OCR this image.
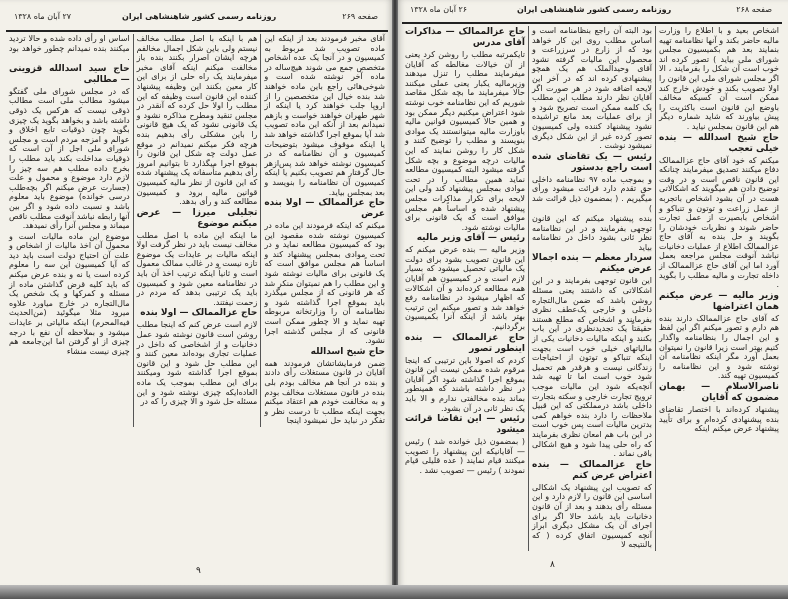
صفحه ۲۶۹
روزنامه رسمی کشور شاهنشاهی ایران
۲۷ آبان ماه ۱۳۲۸

آقای مخبر فرمودند بعد از اینکه این ماده تصویب شد مربوط به کمیسیون و در آنجا یک عده اشخاص متخصص جمع می شوند هیچ‌ساله در ماده آخر نوشته شده است و شوخی‌هائی راجع باین ماده خواهند شد بنده خیال این متخصصین را از اروپا جلب خواهند کرد یا اینکه از شهر طهران خواهند خواست و بازهم نمیدانم بعد از آنکه این ماده تصویب شد آیا بموقع اجرا گذاشته خواهد شد یا اینکه موقوف میشود بتوضیحات کمیسیون و آن نظامنامه که در کمیسیون نوشته خواهد شد پس‌ازهر حال گرفتار هم تصویب بکنیم یا اینکه کمیسیون آن نظامنامه را بنویسد و بعد بمجلس بیاید.

حاج عزالممالک — اولا بنده عرض

میکنم که اینکه فرمودند این ماده در کمیسیون نوشته شده مقصود این بود که کمیسیون مطالعه نماید و در تحت موادی بمجلس پیشنهاد کند و اساساً هم مجلس موافق است که یک قانونی برای مالیات نوشته شود و این مطلب را هم نمیتوان منکر شد که هر قانونی که از مجلس میگذرد باید بموقع اجرا گذاشته شود و نظامنامه آن را وزارتخانه مربوطه تهیه نماید و الا چطور ممکن است قانونی که از مجلس گذشته اجرا نشود.

حاج شیخ اسدالله

ضمن فرمایشاتشان فرمودند همه آقایان در قانون مستغلات رأی دادند و بنده در آنجا هم مخالف بودم بلی بنده در قانون مستغلات مخالف بودم و به مخالفت خودم هم اعتقاد میکنم بجهت اینکه مطلب تا درست نظر و تفکر در نباید حل نمیشود اینجا

هم با اینکه با اصل مطلب مخالف نیستم ولی باین شکل اجمال مخالفم هرچه ایشان اصرار بکنند بنده باز مخالفت میکنم اینکه آقای مخبر میفرمایند یک راه حلی از برای این کار معین بکنند این وظیفه پیشنهاد کننده این قانون است وظیفه که این مطلب را اولا حل کرده که آنقدر در مجلس تنقید ومطرح مذاکره نشود و یک قانونی نشود که یک هیچ قانونی را باین مشکلی رأی بدهیم بنده هرچه فکر میکنم نمیدانم در موقع عمل دولت چه شکل این قانون را بموقع اجرا میگذارد تا بتوانیم امروز رأی بدهیم متأسفانه یک پیشنهاد شده که این قانون از نظر مالیه کمیسیون قوانین مالیه برود و کمیسیون مطالعه کند و رأی بدهد.

تجلیلی میرزا — عرض میکنم موضوع

ما اینکه این ماده با اصل مطلب مخالف نیست باید در نظر گرفت اولا اینکه مالیات بر عایدات یک موضوع تازه نیست و در غالب ممالک معمول است و ثانیاً اینکه ترتیب اخذ آن باید در نظامنامه معین شود و کمیسیون باید یک ترتیبی بدهد که مردم در زحمت نیفتند.

حاج عزالممالک — اولا بنده

لازم است عرض کنم که اینجا مطلب روشن است قانون نوشته شود عمل دخانیات و از اشخاصی که داخل در عملیات تجاری بوده‌اند معین کنند و این مطلب حل شود و این قانون بموقع اجرا گذاشته شود ومیکنند برای این مطلب بموجب یک ماده العاده‌ایکه چیزی نوشته شود و این مسئله حل شود و الا چیزی را که در

اساس او رأی داده شده و حالا تردید میکنند بنده نمیدانم چطور خواهد بود .

حاج سید اسدالله قزوینی — مطالبی

که در مجلس شورای ملی گفتگو میشود مطالب ملی است مطالب ذوقی نیست که هرکس یک ذوقی داشته باشد و بخواهد بگوید یک چیزی بگوید چون ذوقیات تابع اخلاق و عوالم و امزجه مردم است و مجلس شورای ملی اجل از آن است که ذوقیات مداخلت بکند باید مطلب را بخرج داده مطلب هم سه چیز را لازم دارد موضوع و محمول و علت (جسارت عرض میکنم اگر بچه‌طلب درسی خوانده) موضوع باید معلوم باشد و نسبت داده شود و اگر بین آنها رابطه نباشد آنوقت مطلب ناقص میماند و مجلس آنرا رأی نمیدهد.

موضوع این ماده مالیات است و محمول آن اخذ مالیات از اشخاص و علت آن احتیاج دولت است باید دید که آیا کمیسیون این سه را معلوم کرده است یا نه و بنده عرض میکنم که باید کلیه قرض گذاشتن ماده از مسئله و کمرکها و یک شخص یک مال‌التجاره در خارج میاورد علاوه میرود مثلا میگوئید (من‌الحدیث فیه‌المحرم) اینکه مالیاتی بر عایدات میشود و بملاحظه آن نفع با درجه چیزی از او گرفتن اما این‌جامعه هم چیزی نیست منشاء

۹
صفحه ۲۶۸
روزنامه رسمی کشور شاهنشاهی ایران
۲۶ آبان ماه ۱۳۲۸

اشخاص بعید و با اطلاع را وزارت مالیه حاضر بکند و آنها نظامنامه تهیه بنمایند بعد هم بکمیسیون مجلس شورای ملی بیاید ) تصور کرده اند خوب است آن شکل را بفرمایند ، الا اگر مجلس شورای ملی این قانون را اولا تصویب بکند و خودش خارج کند ممکن است آن کسیکه مخالف باوضع این قانون است باکثریت را پیش بیاورند که شاید شماره دیگر هم این قانون بمجلس نیاید .

حاج شیخ اسدالله — بنده خیلی تعجب

میکنم که خود آقای حاج عزالممالک دفاع میکنند تصدیق میفرمایند چنانکه این قانون ناقص است و در وقت توضیح دادن هم میگویند که اشکالاتی هست در آن بشود اشخاص باتجربه از عمل زراعت و توتون و تنباکو و اشخاص بابصیرت از عمل تجارت حاضر شوند و نظریات خودشان را بگویند و حل بنده به آقای حاج عزالممالک اطلاع از عملیات دخانیات نباشد آنوقت مجلس مراجعه بعمل آورد اما این آقای حاج عزالممالک از داخله تجارت و مالیه مطلب را بگوید .

وزیر مالیه — عرض میکنم همان اعتراضها

که آقای حاج عزالممالک دارند بنده هم دارم و تصور میکنم اگر این لفظ و این اجمال را بنظامنامه واگذار کنیم بهتر است زیرا قانون را نمیتوان بعمل آورد مگر اینکه نظامنامه آن نوشته شود و این نظامنامه را کمیسیون تهیه کند.

ناصرالاسلام — بهمان مضمون که آقایان

پیشنهاد کرده‌اند با اختصار تقاضای بنده پیشنهادی کرده‌ام و برای تأیید پیشنهاد عرض میکنم اینکه

بود البته آن راجع بنظامنامه است و اساس مطلب روی این کار خواهد بود که از زارع در سرزراعت و محصول این مالیات گرفته نشود آقای وحیدالملک هم یک همچو پیشنهادی کرده اند که در آخر این لایحه اضافه شود در هر صورت اگر آقایان نظر دارند مطلب این مطلب یک کلمه ممکن است تصریح شود و از برای عملیات بعد مانع تراشیده نشود پیشنهاد کننده ولی کمیسیون تصور کرده غیر از این شکل دیگری نمیشود نوشت .

رئیس — یک تقاضای شده است راجع بدستور

و بموجب ماده ۹۷ نظامنامه داخلی حق تقدم دارد قرائت میشود ورأی میگیریم . ( بمضمون ذیل قرائت شد )

بنده پیشنهاد میکنم که این قانون توجهی بفرمایند و در این نظامنامه نظر ثانی بشود داخل در نظامنامه بیاید

سردار معظم — بنده اجمالا عرض میکنم

این قانون توجهی بفرمایند و در این اشکالاتی که داشتند یعنی مسئله روشن باشد که ضمن مال‌التجاره داخلی و خارجی یک‌عطف نظری بفرمایند و اشخاص که مطلع هستند حقیقتاً یک تجدیدنظری در این باب بکنند و اینکه مالیات دخانیات یکی از مالیاتهای خیلی خوب است بجهت اینکه تنباکو و توتون از احتیاجات زندگانی نیست و هرقدر هم تحمیل شود خوب است اما تا تهیه شد آنچه‌یکه شود این مالیات موجب ترویج تجارت خارجی و سکته بتجارت داخلی باشد درمملکتی که این قبیل ملاحظات را دارد بنده خواهم کمی بدترین مالیات است پس خوب است در این باب هم امعان نظری بفرمایند که راه حلی پیدا شود و هیچ اشکالی باقی نماند .

حاج عزالممالک — بنده اعتراض عرض کنم

که تصویب این پیشنهاد یک اشکالی اساسی این قانون را لازم دارد و این مسئله رأی بدهند و بعد از آن قانون دخانیات باید باشد حالا اگر برای اجرای آن یک مشکل دیگری ابراز آنچه کمیسیون اتفاق کرده ( که بالنتیجه لا

حاج عزالممالک — مذاکرات آقای مدرس

تایکمرتبه مطلب را روشن کرد یعنی از آن خیالات مغالطه که آقایان میفرمایند مطلب را تنزل میدهند وزیرمالیه یکبار یعنی عملی میکنند حالا میفرمایند ما بچه شکل مقاصد شوریم که این نظامنامه خوب نوشته شود اعتراض میکنیم دیگر ممکن بود و همین حالا کمیسیون قوانین مالیه باوزارت مالیه میتوانستند یک موادی بنویسند و مطلب را توضیح کنند و شکل کار را روشن نمایند که این مالیات درچه موضوع و بچه شکل گرفته میشود البته کمیسیون مطالعه نماید همین مطالب را در تحت موادی بمجلس پیشنهاد کند ولی این لایحه برای تکرار مذاکرات مجلس پیشنهاد شده و اساساً هم مجلس موافق است که یک قانونی برای مالیات نوشته شود.

رئیس — آقای وزیر مالیه

وزیر مالیه — بنده عرض میکنم که این قانون تصویب بشود برای دولت یک مالیاتی تحصیل میشود که بسیار لازم است و در کمیسیون هم آقایان همه مطالعه کرده‌اند و آن اشکالات که اظهار میشود در نظامنامه رفع خواهد شد و تصور میکنم این ترتیب بهتر باشد از اینکه آنرا بکمیسیون برگردانیم.

حاج عزالممالک — بنده اینطور تصور

کردم که اصولا باین ترتیبی که اینجا مرقوم شده ممکن نیست این قانون بموقع اجرا گذاشته شود اگر آقایان در نظر داشته باشند که همینطور بماند بنده مخالفتی ندارم و الا باید یک نظر ثانی در آن بشود.

رئیس — این تقاضا قرائت میشود

( بمضمون ذیل خوانده شد ) رئیس — آقایانیکه این پیشنهاد را تصویب میکنند قیام نمایند ( عده قلیلی قیام نمودند ) رئیس — تصویب نشد .

۸
